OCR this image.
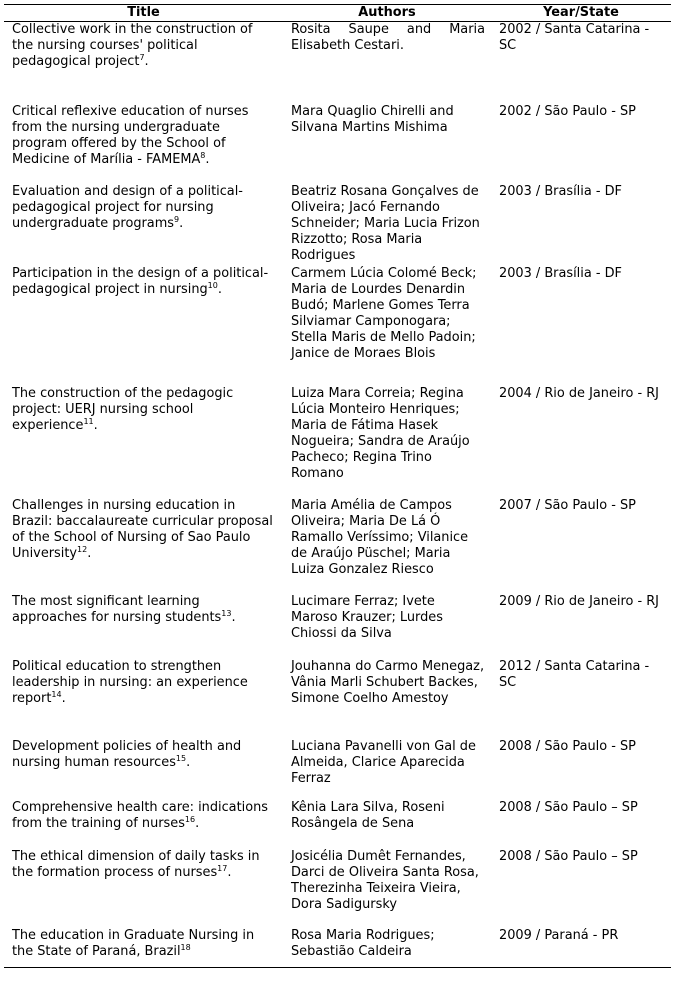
Title	Authors	Year/State
Collective work in the construction of the nursing courses' political pedagogical project$^7$.	Rosita Saupe and Maria Elisabeth Cestari.	2002 / Santa Catarina - SC
Critical reflexive education of nurses from the nursing undergraduate program offered by the School of Medicine of Marília - FAMEMA$^8$.	Mara Quaglio Chirelli and Silvana Martins Mishima	2002 / São Paulo - SP
Evaluation and design of a political-pedagogical project for nursing undergraduate programs$^9$.	Beatriz Rosana Gonçalves de Oliveira; Jacó Fernando Schneider; Maria Lucia Frizon Rizzotto; Rosa Maria Rodrigues	2003 / Brasília - DF
Participation in the design of a political-pedagogical project in nursing$^{10}$.	Carmem Lúcia Colomé Beck; Maria de Lourdes Denardin Budó; Marlene Gomes Terra Silviamar Camponogara; Stella Maris de Mello Padoin; Janice de Moraes Blois	2003 / Brasília - DF
The construction of the pedagogic project: UERJ nursing school experience$^{11}$.	Luiza Mara Correia; Regina Lúcia Monteiro Henriques; Maria de Fátima Hasek Nogueira; Sandra de Araújo Pacheco; Regina Trino Romano	2004 / Rio de Janeiro - RJ
Challenges in nursing education in Brazil: baccalaureate curricular proposal of the School of Nursing of Sao Paulo University$^{12}$.	Maria Amélia de Campos Oliveira; Maria De Lá Ó Ramallo Veríssimo; Vilanice de Araújo Püschel; Maria Luiza Gonzalez Riesco	2007 / São Paulo - SP
The most significant learning approaches for nursing students$^{13}$.	Lucimare Ferraz; Ivete Maroso Krauzer; Lurdes Chiossi da Silva	2009 / Rio de Janeiro - RJ
Political education to strengthen leadership in nursing: an experience report$^{14}$.	Jouhanna do Carmo Menegaz, Vânia Marli Schubert Backes, Simone Coelho Amestoy	2012 / Santa Catarina - SC
Development policies of health and nursing human resources$^{15}$.	Luciana Pavanelli von Gal de Almeida, Clarice Aparecida Ferraz	2008 / São Paulo - SP
Comprehensive health care: indications from the training of nurses$^{16}$.	Kênia Lara Silva, Roseni Rosângela de Sena	2008 / São Paulo – SP
The ethical dimension of daily tasks in the formation process of nurses$^{17}$.	Josicélia Dumêt Fernandes, Darci de Oliveira Santa Rosa, Therezinha Teixeira Vieira, Dora Sadigursky	2008 / São Paulo – SP
The education in Graduate Nursing in the State of Paraná, Brazil$^{18}$	Rosa Maria Rodrigues; Sebastião Caldeira	2009 / Paraná - PR
